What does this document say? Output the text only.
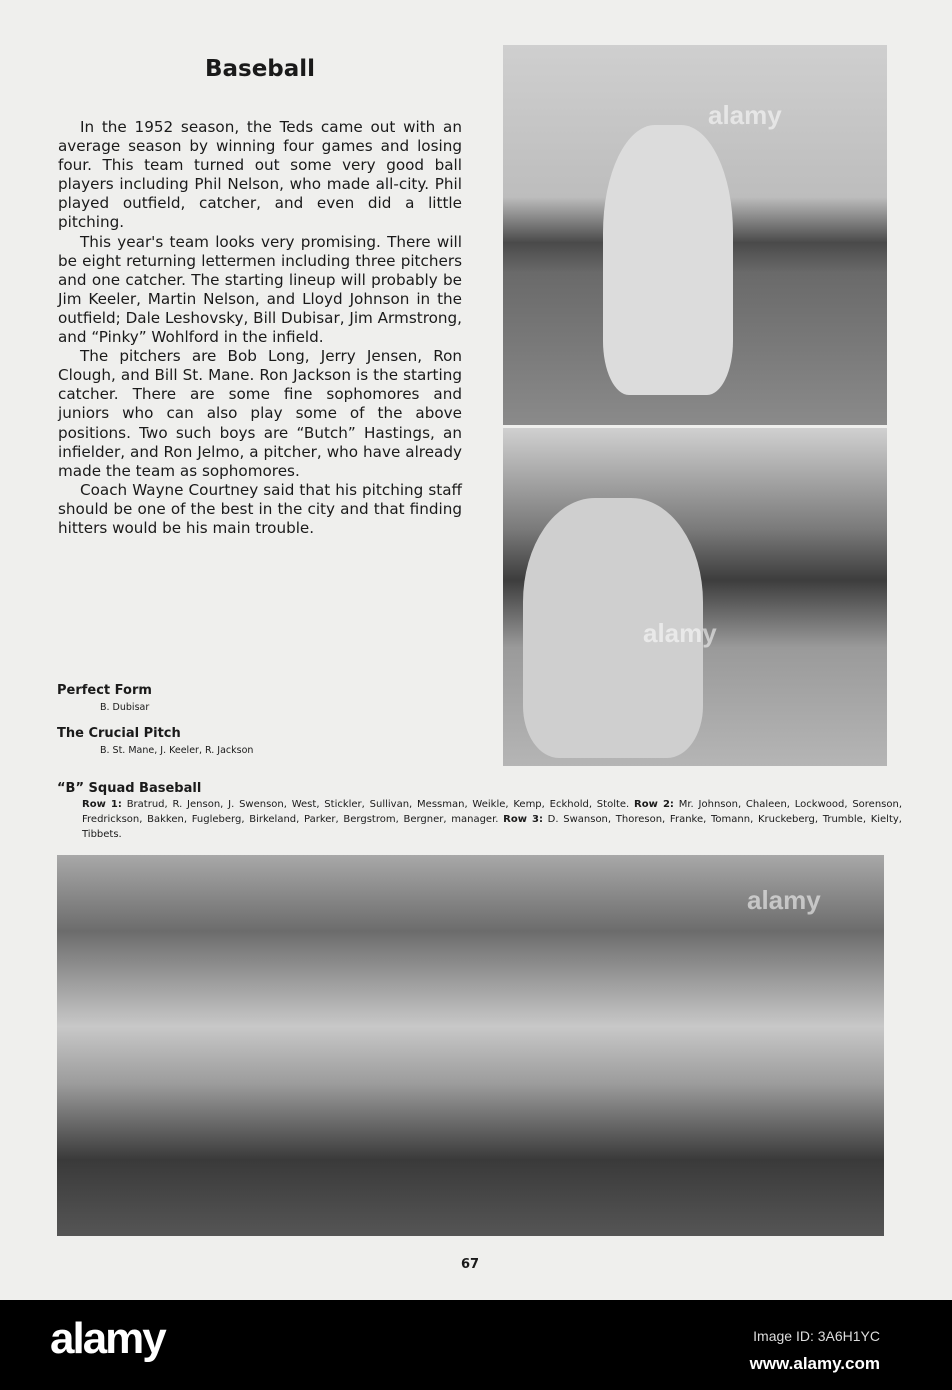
Baseball

In the 1952 season, the Teds came out with an average season by winning four games and losing four. This team turned out some very good ball players including Phil Nelson, who made all-city. Phil played outfield, catcher, and even did a little pitching.

This year's team looks very promising. There will be eight returning lettermen including three pitchers and one catcher. The starting lineup will probably be Jim Keeler, Martin Nelson, and Lloyd Johnson in the outfield; Dale Leshovsky, Bill Dubisar, Jim Armstrong, and “Pinky” Wohlford in the infield.

The pitchers are Bob Long, Jerry Jensen, Ron Clough, and Bill St. Mane. Ron Jackson is the starting catcher. There are some fine sophomores and juniors who can also play some of the above positions. Two such boys are “Butch” Hastings, an infielder, and Ron Jelmo, a pitcher, who have already made the team as sophomores.

Coach Wayne Courtney said that his pitching staff should be one of the best in the city and that finding hitters would be his main trouble.

alamy
alamy
Perfect Form
B. Dubisar
The Crucial Pitch
B. St. Mane, J. Keeler, R. Jackson
“B” Squad Baseball
Row 1: Bratrud, R. Jenson, J. Swenson, West, Stickler, Sullivan, Messman, Weikle, Kemp, Eckhold, Stolte. Row 2: Mr. Johnson, Chaleen, Lockwood, Sorenson, Fredrickson, Bakken, Fugleberg, Birkeland, Parker, Bergstrom, Bergner, manager. Row 3: D. Swanson, Thoreson, Franke, Tomann, Kruckeberg, Trumble, Kielty, Tibbets.
alamy
67
alamy	Image ID: 3A6H1YC
www.alamy.com
